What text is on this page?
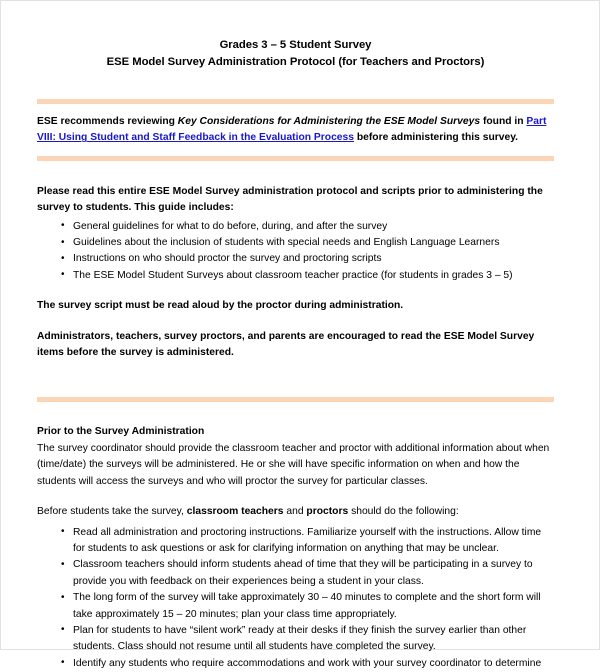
Grades 3 – 5 Student Survey
ESE Model Survey Administration Protocol (for Teachers and Proctors)

ESE recommends reviewing Key Considerations for Administering the ESE Model Surveys found in Part VIII: Using Student and Staff Feedback in the Evaluation Process before administering this survey.

Please read this entire ESE Model Survey administration protocol and scripts prior to administering the survey to students. This guide includes:

• General guidelines for what to do before, during, and after the survey
• Guidelines about the inclusion of students with special needs and English Language Learners
• Instructions on who should proctor the survey and proctoring scripts
• The ESE Model Student Surveys about classroom teacher practice (for students in grades 3 – 5)

The survey script must be read aloud by the proctor during administration.

Administrators, teachers, survey proctors, and parents are encouraged to read the ESE Model Survey items before the survey is administered.

Prior to the Survey Administration

The survey coordinator should provide the classroom teacher and proctor with additional information about when (time/date) the surveys will be administered. He or she will have specific information on when and how the students will access the surveys and who will proctor the survey for particular classes.

Before students take the survey, classroom teachers and proctors should do the following:

• Read all administration and proctoring instructions. Familiarize yourself with the instructions. Allow time for students to ask questions or ask for clarifying information on anything that may be unclear.
• Classroom teachers should inform students ahead of time that they will be participating in a survey to provide you with feedback on their experiences being a student in your class.
• The long form of the survey will take approximately 30 – 40 minutes to complete and the short form will take approximately 15 – 20 minutes; plan your class time appropriately.
• Plan for students to have “silent work” ready at their desks if they finish the survey earlier than other students. Class should not resume until all students have completed the survey.
• Identify any students who require accommodations and work with your survey coordinator to determine
